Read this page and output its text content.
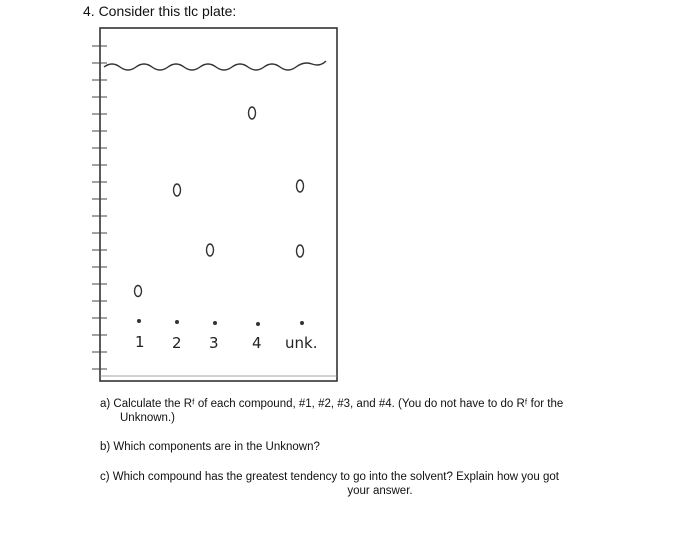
4. Consider this tlc plate:
1 2 3 4 unk.
a) Calculate the Rᶠ of each compound, #1, #2, #3, and #4. (You do not have to do Rᶠ for the
Unknown.)
b) Which components are in the Unknown?
c) Which compound has the greatest tendency to go into the solvent? Explain how you got
your answer.
